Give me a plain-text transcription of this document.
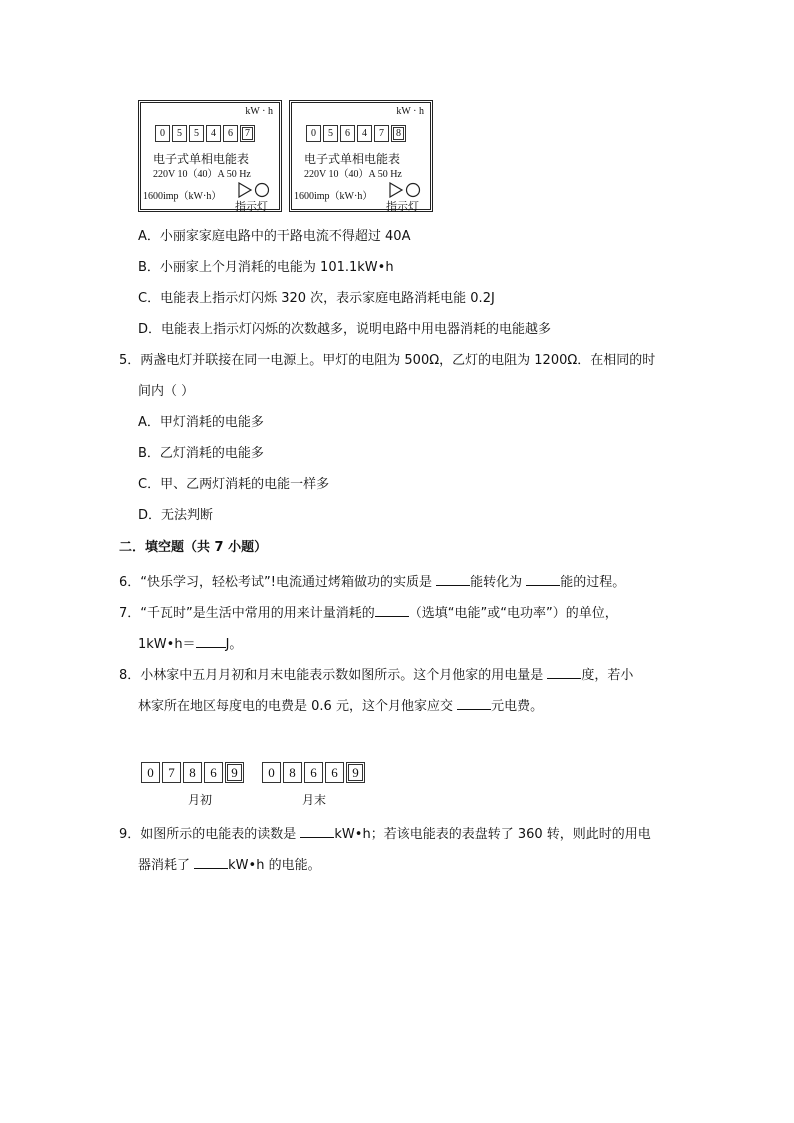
kW · h
0	5	5	4	6	7
电子式单相电能表
220V 10（40）A 50 Hz
1600imp（kW·h）
指示灯
kW · h
0	5	6	4	7	8
电子式单相电能表
220V 10（40）A 50 Hz
1600imp（kW·h）
指示灯
A．小丽家家庭电路中的干路电流不得超过 40A
B．小丽家上个月消耗的电能为 101.1kW•h
C．电能表上指示灯闪烁 320 次，表示家庭电路消耗电能 0.2J
D．电能表上指示灯闪烁的次数越多，说明电路中用电器消耗的电能越多
5．两盏电灯并联接在同一电源上。甲灯的电阻为 500Ω，乙灯的电阻为 1200Ω．在相同的时
间内（ ）
A．甲灯消耗的电能多
B．乙灯消耗的电能多
C．甲、乙两灯消耗的电能一样多
D．无法判断
二．填空题（共 7 小题）
6．“快乐学习，轻松考试”!电流通过烤箱做功的实质是	能转化为	能的过程。
7．“千瓦时”是生活中常用的用来计量消耗的	（选填“电能”或“电功率”）的单位，
1kW•h＝ J。
8．小林家中五月月初和月末电能表示数如图所示。这个月他家的用电量是	度，若小
林家所在地区每度电的电费是 0.6 元，这个月他家应交	元电费。
0	7	8	6	9
月初
0	8	6	6	9
月末
9．如图所示的电能表的读数是	kW•h；若该电能表的表盘转了 360 转，则此时的用电
器消耗了	kW•h 的电能。
